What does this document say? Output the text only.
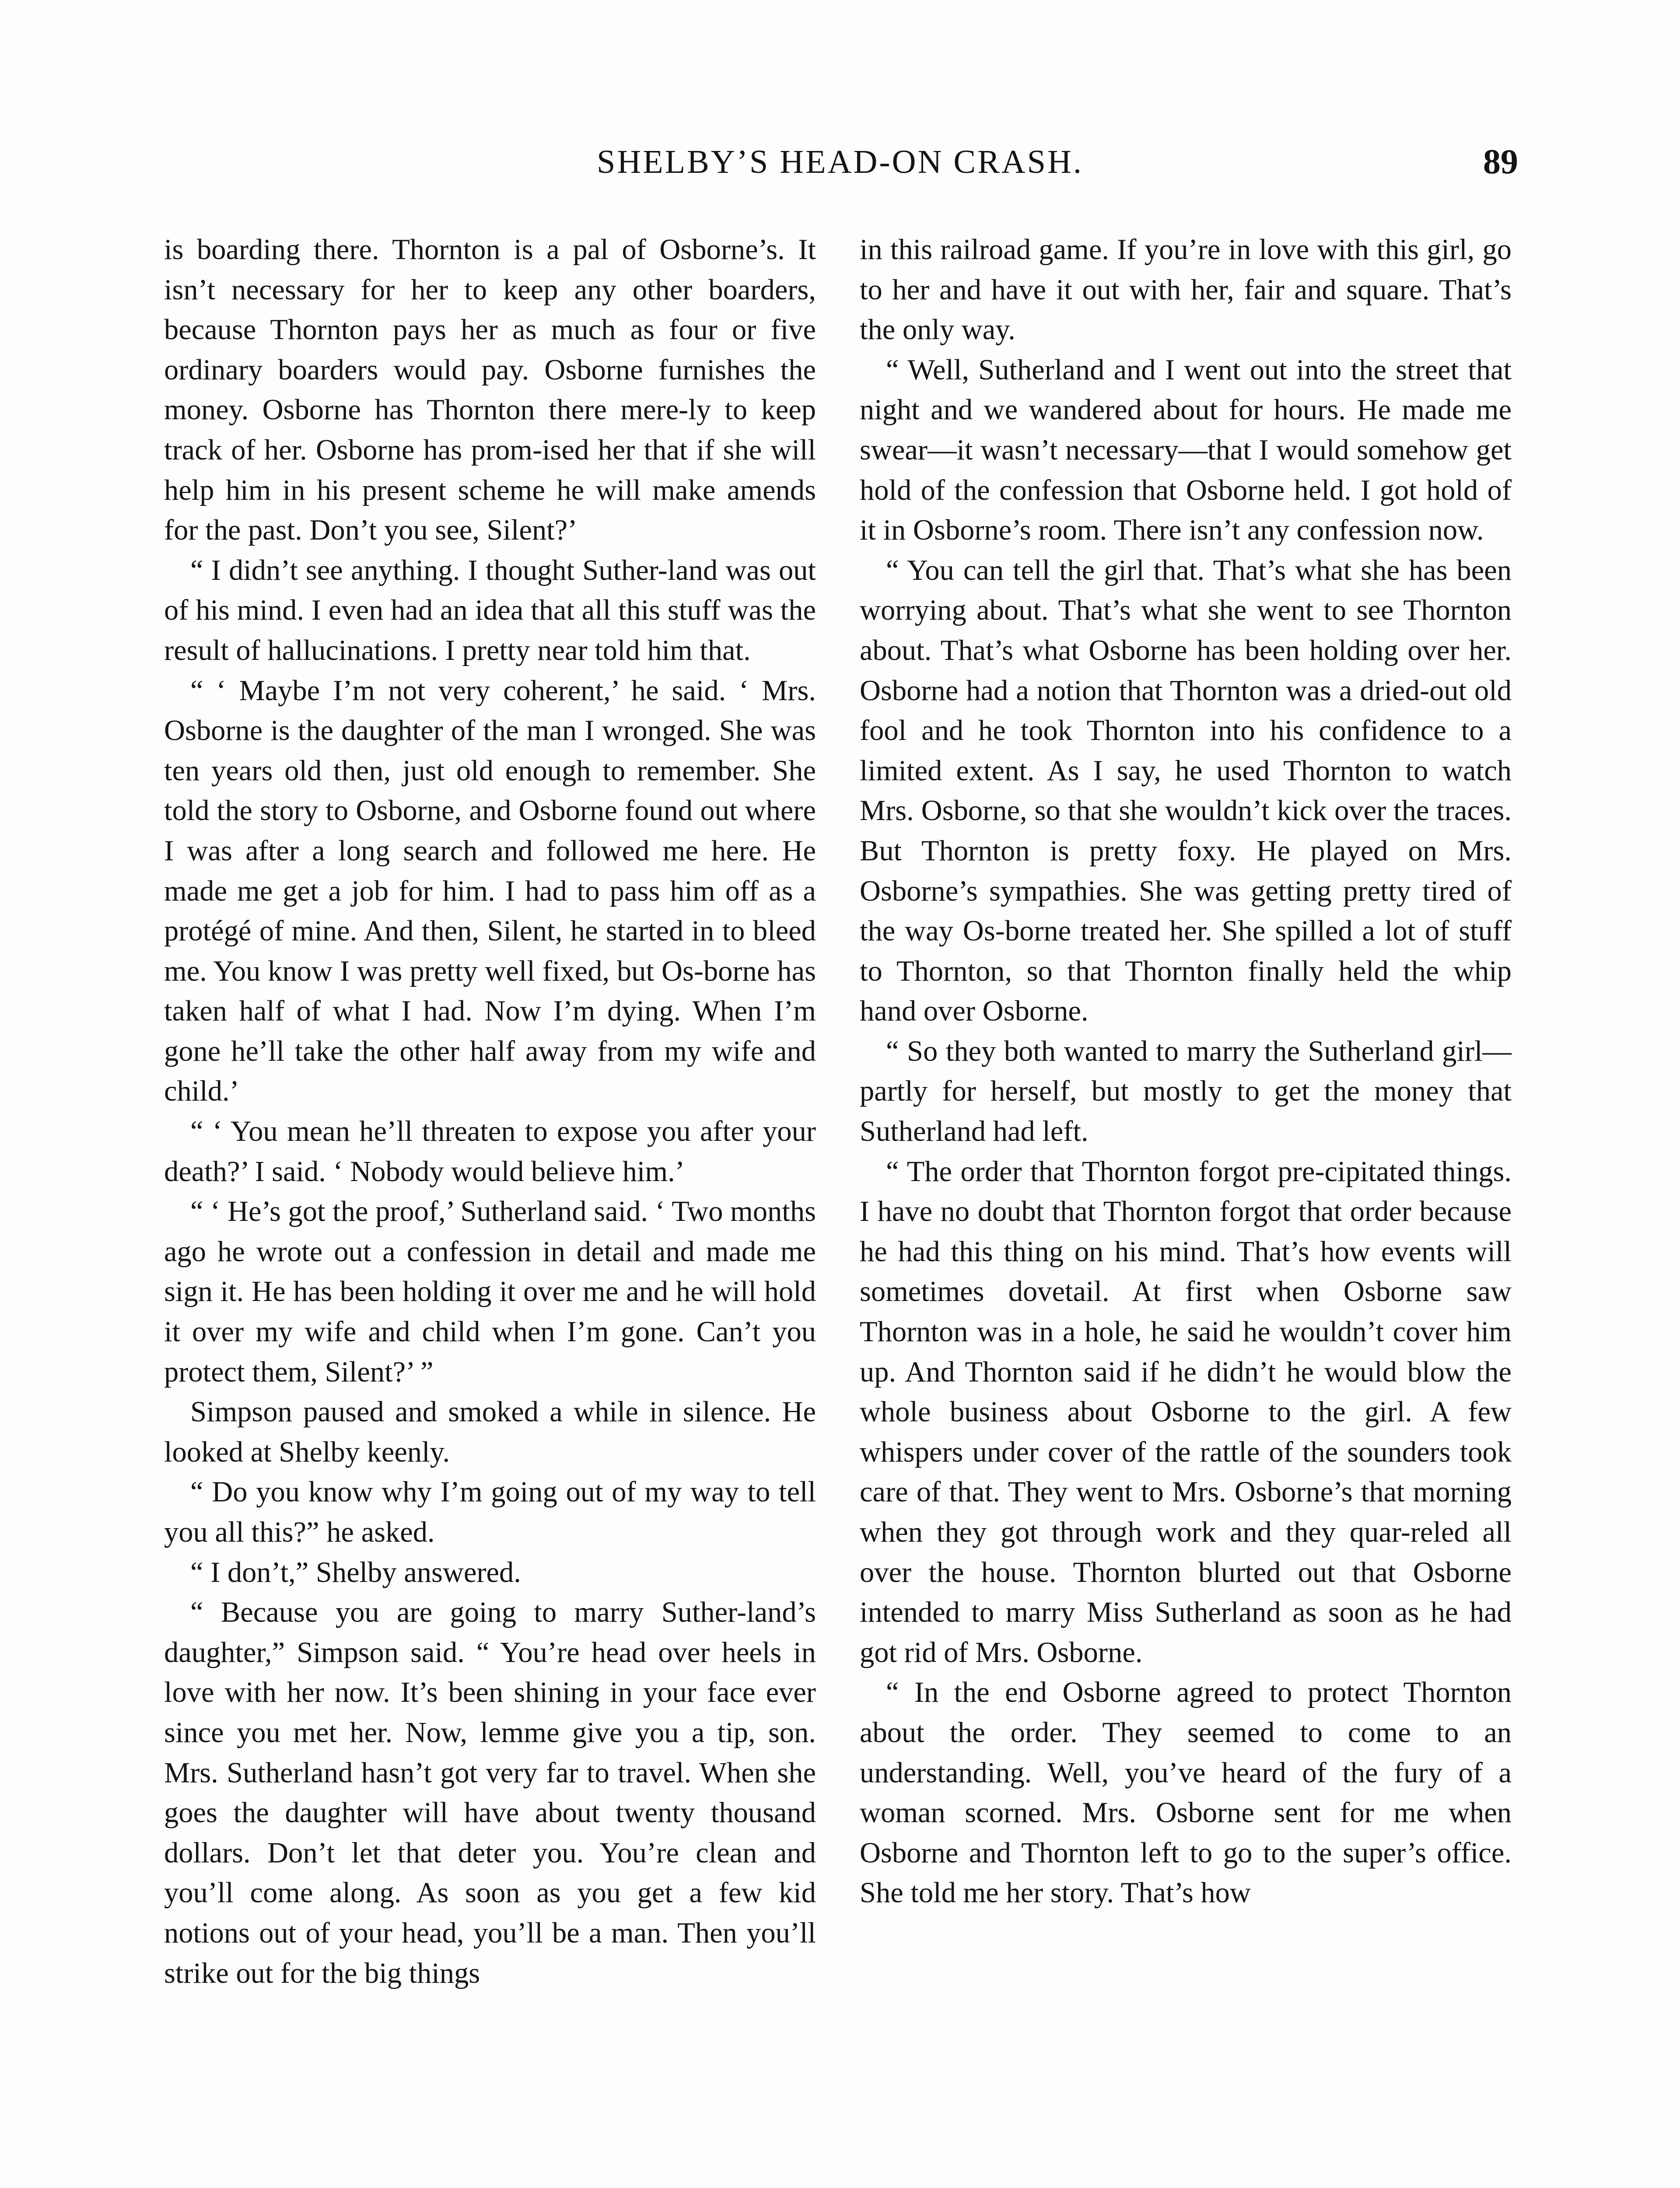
SHELBY’S HEAD-ON CRASH.	89

is boarding there. Thornton is a pal of Osborne’s. It isn’t necessary for her to keep any other boarders, because Thornton pays her as much as four or five ordinary boarders would pay. Osborne furnishes the money. Osborne has Thornton there mere-ly to keep track of her. Osborne has prom-ised her that if she will help him in his present scheme he will make amends for the past. Don’t you see, Silent?’

“ I didn’t see anything. I thought Suther-land was out of his mind. I even had an idea that all this stuff was the result of hallucinations. I pretty near told him that.

“ ‘ Maybe I’m not very coherent,’ he said. ‘ Mrs. Osborne is the daughter of the man I wronged. She was ten years old then, just old enough to remember. She told the story to Osborne, and Osborne found out where I was after a long search and followed me here. He made me get a job for him. I had to pass him off as a protégé of mine. And then, Silent, he started in to bleed me. You know I was pretty well fixed, but Os-borne has taken half of what I had. Now I’m dying. When I’m gone he’ll take the other half away from my wife and child.’

“ ‘ You mean he’ll threaten to expose you after your death?’ I said. ‘ Nobody would believe him.’

“ ‘ He’s got the proof,’ Sutherland said. ‘ Two months ago he wrote out a confession in detail and made me sign it. He has been holding it over me and he will hold it over my wife and child when I’m gone. Can’t you protect them, Silent?’ ”

Simpson paused and smoked a while in silence. He looked at Shelby keenly.

“ Do you know why I’m going out of my way to tell you all this?” he asked.

“ I don’t,” Shelby answered.

“ Because you are going to marry Suther-land’s daughter,” Simpson said. “ You’re head over heels in love with her now. It’s been shining in your face ever since you met her. Now, lemme give you a tip, son. Mrs. Sutherland hasn’t got very far to travel. When she goes the daughter will have about twenty thousand dollars. Don’t let that deter you. You’re clean and you’ll come along. As soon as you get a few kid notions out of your head, you’ll be a man. Then you’ll strike out for the big things

in this railroad game. If you’re in love with this girl, go to her and have it out with her, fair and square. That’s the only way.

“ Well, Sutherland and I went out into the street that night and we wandered about for hours. He made me swear—it wasn’t necessary—that I would somehow get hold of the confession that Osborne held. I got hold of it in Osborne’s room. There isn’t any confession now.

“ You can tell the girl that. That’s what she has been worrying about. That’s what she went to see Thornton about. That’s what Osborne has been holding over her. Osborne had a notion that Thornton was a dried-out old fool and he took Thornton into his confidence to a limited extent. As I say, he used Thornton to watch Mrs. Osborne, so that she wouldn’t kick over the traces. But Thornton is pretty foxy. He played on Mrs. Osborne’s sympathies. She was getting pretty tired of the way Os-borne treated her. She spilled a lot of stuff to Thornton, so that Thornton finally held the whip hand over Osborne.

“ So they both wanted to marry the Sutherland girl—partly for herself, but mostly to get the money that Sutherland had left.

“ The order that Thornton forgot pre-cipitated things. I have no doubt that Thornton forgot that order because he had this thing on his mind. That’s how events will sometimes dovetail. At first when Osborne saw Thornton was in a hole, he said he wouldn’t cover him up. And Thornton said if he didn’t he would blow the whole business about Osborne to the girl. A few whispers under cover of the rattle of the sounders took care of that. They went to Mrs. Osborne’s that morning when they got through work and they quar-reled all over the house. Thornton blurted out that Osborne intended to marry Miss Sutherland as soon as he had got rid of Mrs. Osborne.

“ In the end Osborne agreed to protect Thornton about the order. They seemed to come to an understanding. Well, you’ve heard of the fury of a woman scorned. Mrs. Osborne sent for me when Osborne and Thornton left to go to the super’s office. She told me her story. That’s how
